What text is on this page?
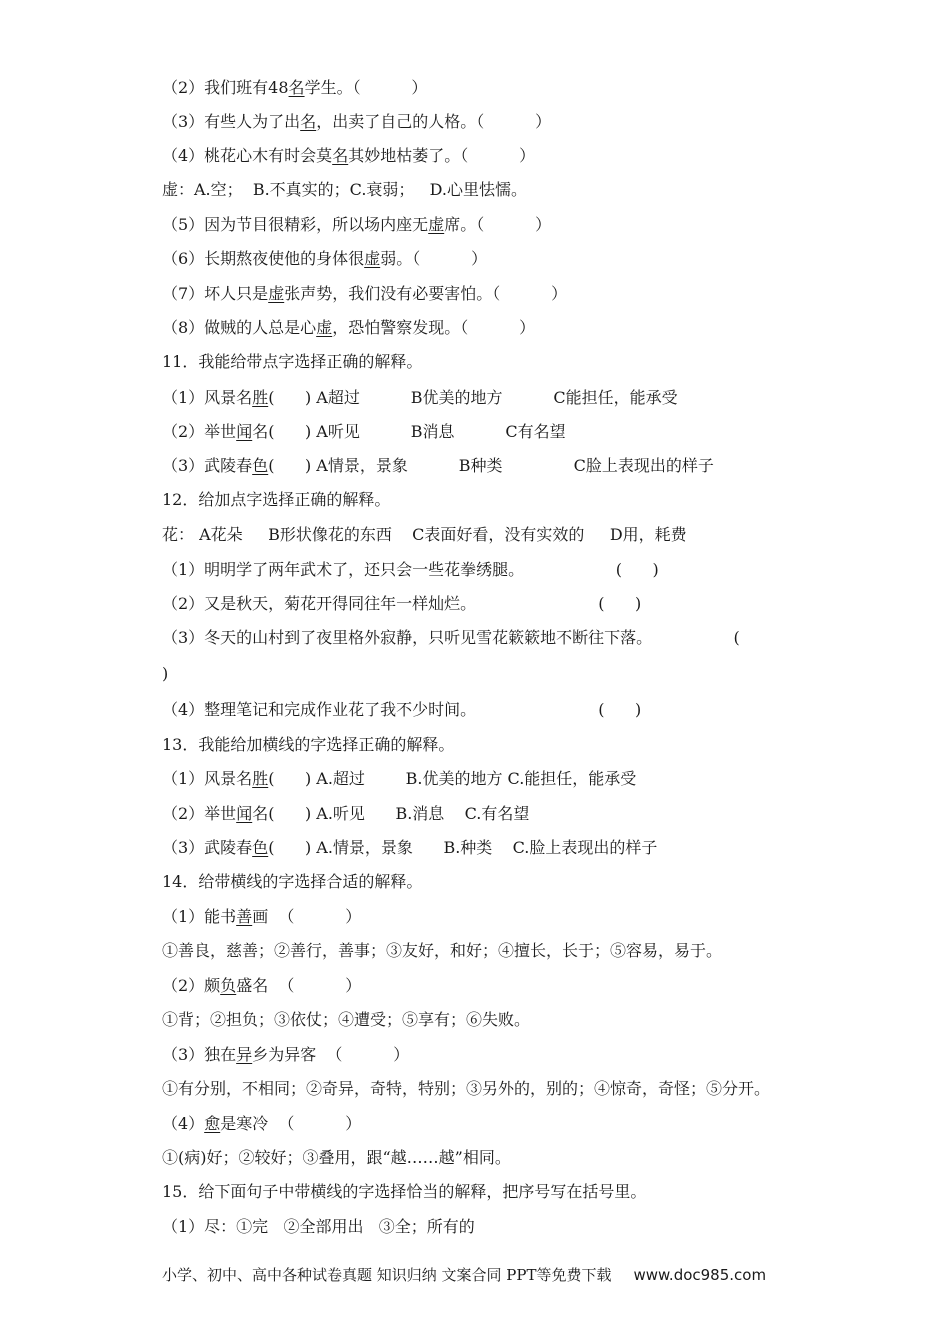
（2）我们班有48名学生。（          ）
（3）有些人为了出名，出卖了自己的人格。（          ）
（4）桃花心木有时会莫名其妙地枯萎了。（          ）
虚：A.空；  B.不真实的；C.衰弱；   D.心里怯懦。
（5）因为节目很精彩，所以场内座无虚席。（          ）
（6）长期熬夜使他的身体很虚弱。（          ）
（7）坏人只是虚张声势，我们没有必要害怕。（          ）
（8）做贼的人总是心虚，恐怕警察发现。（          ）
11．我能给带点字选择正确的解释。
（1）风景名胜(      ) A超过          B优美的地方          C能担任，能承受
（2）举世闻名(      ) A听见          B消息          C有名望
（3）武陵春色(      ) A情景，景象          B种类              C脸上表现出的样子
12．给加点字选择正确的解释。
花： A花朵     B形状像花的东西    C表面好看，没有实效的     D用，耗费
（1）明明学了两年武术了，还只会一些花拳绣腿。                  (      )
（2）又是秋天，菊花开得同往年一样灿烂。                        (      )
（3）冬天的山村到了夜里格外寂静，只听见雪花簌簌地不断往下落。                (
)
（4）整理笔记和完成作业花了我不少时间。                        (      )
13．我能给加横线的字选择正确的解释。
（1）风景名胜(      ) A.超过        B.优美的地方 C.能担任，能承受
（2）举世闻名(      ) A.听见      B.消息    C.有名望
（3）武陵春色(      ) A.情景，景象      B.种类    C.脸上表现出的样子
14．给带横线的字选择合适的解释。
（1）能书善画  （          ）
①善良，慈善；②善行，善事；③友好，和好；④擅长，长于；⑤容易，易于。
（2）颇负盛名  （          ）
①背；②担负；③依仗；④遭受；⑤享有；⑥失败。
（3）独在异乡为异客  （          ）
①有分别，不相同；②奇异，奇特，特别；③另外的，别的；④惊奇，奇怪；⑤分开。
（4）愈是寒冷  （          ）
①(病)好；②较好；③叠用，跟“越……越”相同。
15．给下面句子中带横线的字选择恰当的解释，把序号写在括号里。
（1）尽：①完   ②全部用出   ③全；所有的
小学、初中、高中各种试卷真题 知识归纳 文案合同 PPT等免费下载 www.doc985.com
